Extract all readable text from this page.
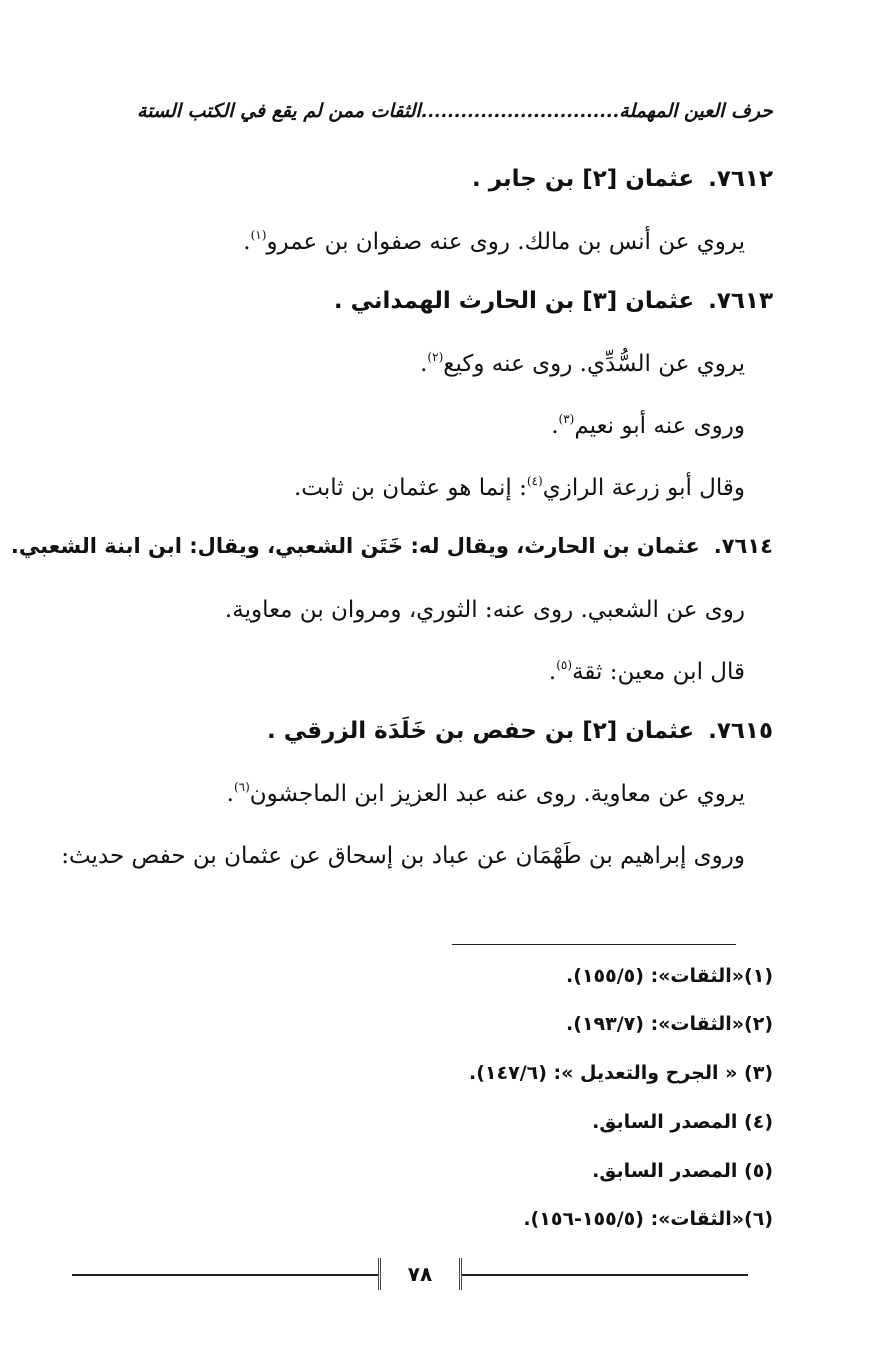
حرف العين المهملة..............................الثقات ممن لم يقع في الكتب الستة
٧٦١٢.عثمان [٢] بن جابر .
يروي عن أنس بن مالك. روى عنه صفوان بن عمرو$^{(١)}$.
٧٦١٣.عثمان [٣] بن الحارث الهمداني .
يروي عن السُّدِّي. روى عنه وكيع$^{(٢)}$.
وروى عنه أبو نعيم$^{(٣)}$.
وقال أبو زرعة الرازي$^{(٤)}$: إنما هو عثمان بن ثابت.
٧٦١٤.عثمان بن الحارث، ويقال له: خَتَن الشعبي، ويقال: ابن ابنة الشعبي.
روى عن الشعبي. روى عنه: الثوري، ومروان بن معاوية.
قال ابن معين: ثقة$^{(٥)}$.
٧٦١٥.عثمان [٢] بن حفص بن خَلَدَة الزرقي .
يروي عن معاوية. روى عنه عبد العزيز ابن الماجشون$^{(٦)}$.
وروى إبراهيم بن طَهْمَان عن عباد بن إسحاق عن عثمان بن حفص حديث:
(١)«الثقات»: (١٥٥/٥).
(٢)«الثقات»: (١٩٣/٧).
(٣) « الجرح والتعديل »: (١٤٧/٦).
(٤) المصدر السابق.
(٥) المصدر السابق.
(٦)«الثقات»: (١٥٥/٥-١٥٦).
٧٨
